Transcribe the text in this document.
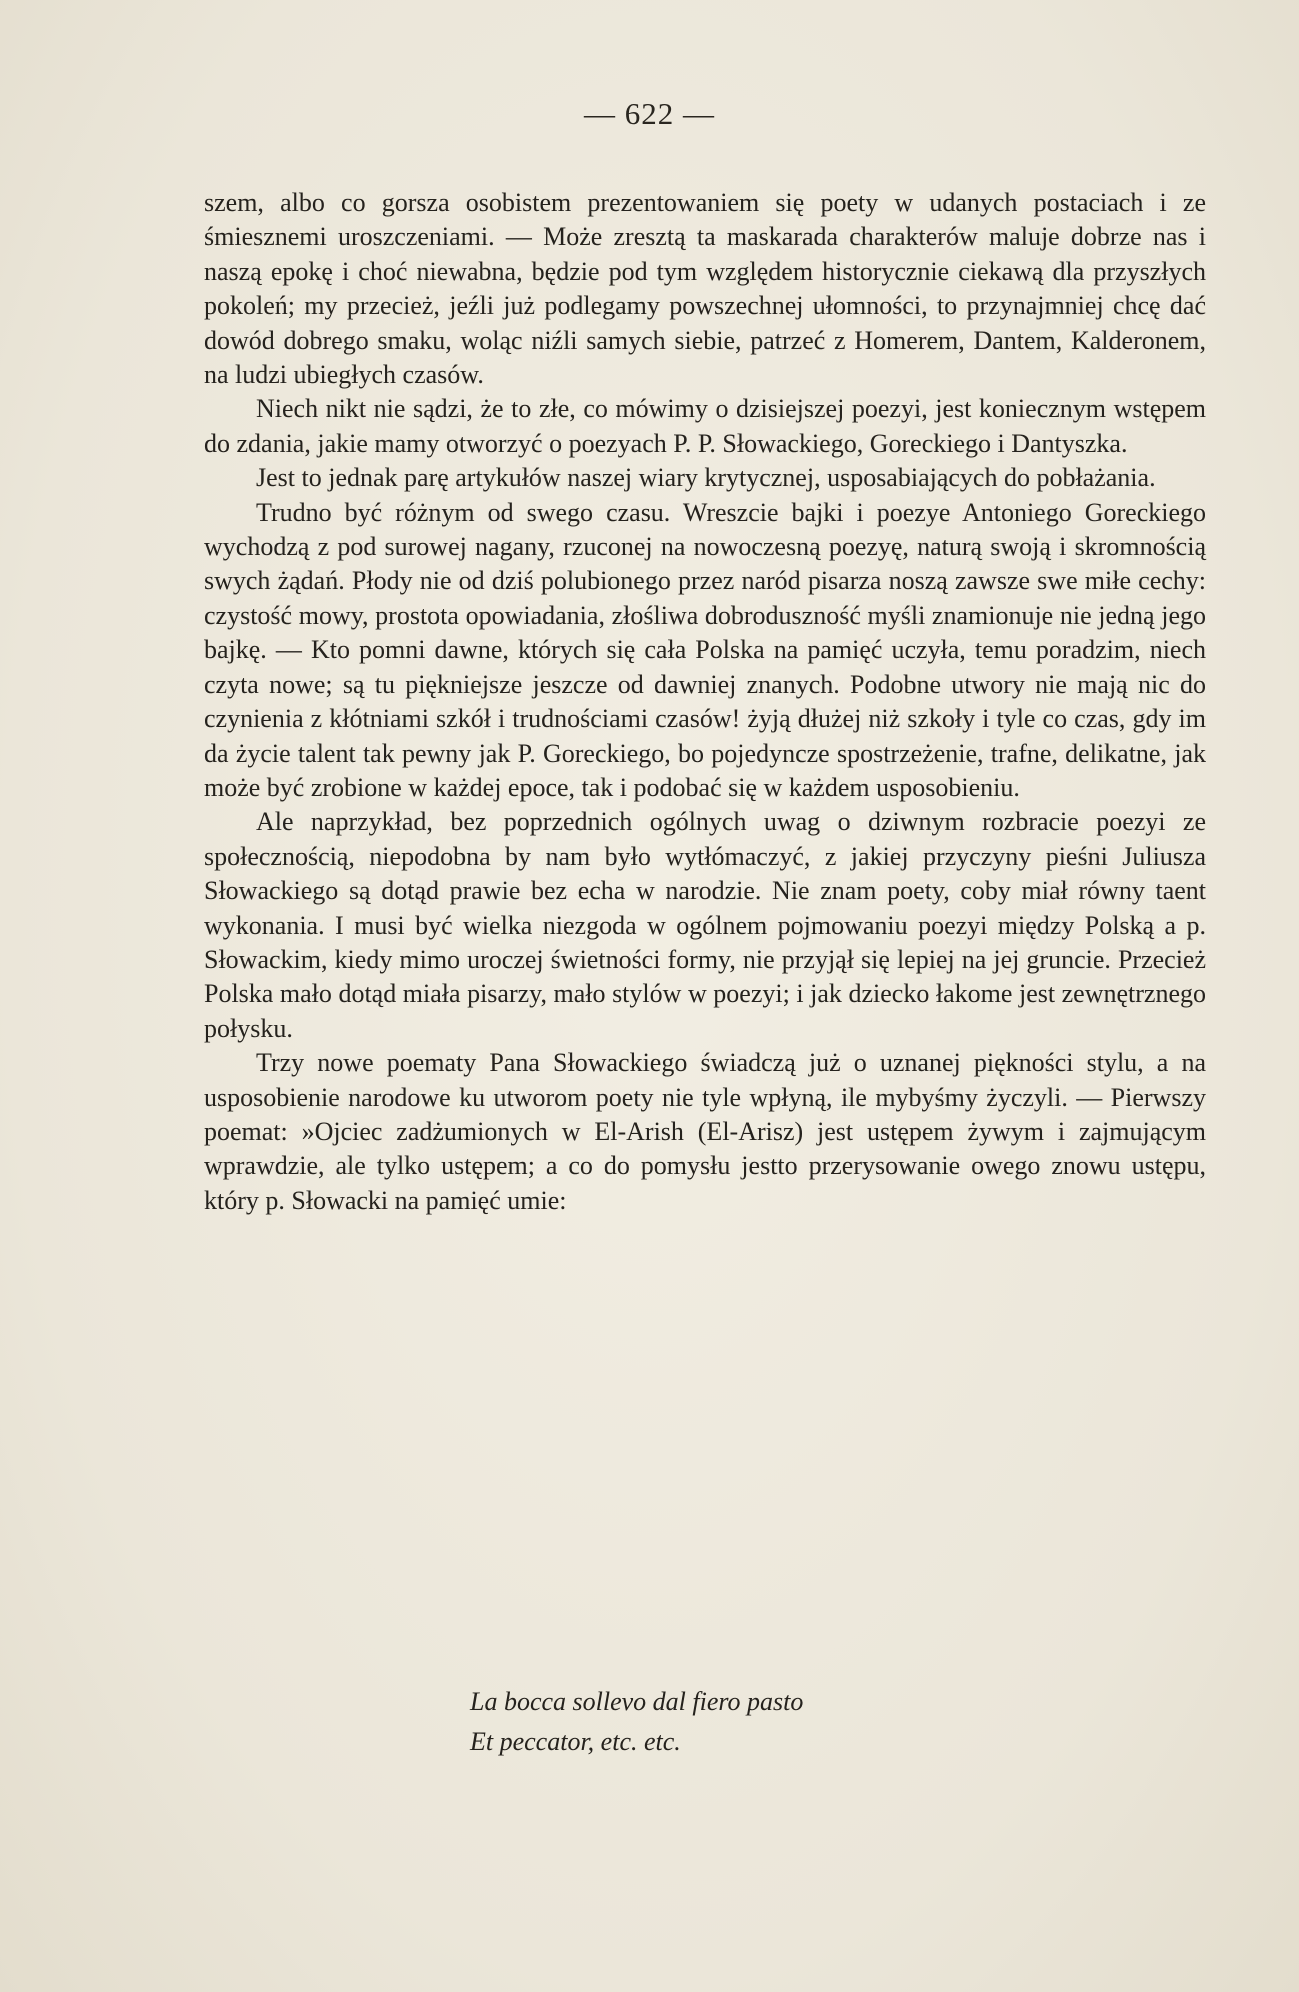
— 622 —

szem, albo co gorsza osobistem prezentowaniem się poety w udanych postaciach i ze śmiesznemi uroszczeniami. — Może zresztą ta maskarada charakterów maluje dobrze nas i naszą epokę i choć niewabna, będzie pod tym względem historycznie ciekawą dla przyszłych pokoleń; my przecież, jeźli już podlegamy powszechnej ułomności, to przynajmniej chcę dać dowód dobrego smaku, woląc niźli samych siebie, patrzeć z Homerem, Dantem, Kalderonem, na ludzi ubiegłych czasów.

Niech nikt nie sądzi, że to złe, co mówimy o dzisiejszej poezyi, jest koniecznym wstępem do zdania, jakie mamy otworzyć o poezyach P. P. Słowackiego, Goreckiego i Dantyszka.

Jest to jednak parę artykułów naszej wiary krytycznej, usposabiających do pobłażania.

Trudno być różnym od swego czasu. Wreszcie bajki i poezye Antoniego Goreckiego wychodzą z pod surowej nagany, rzuconej na nowoczesną poezyę, naturą swoją i skromnością swych żądań. Płody nie od dziś polubionego przez naród pisarza noszą zawsze swe miłe cechy: czystość mowy, prostota opowiadania, złośliwa dobroduszność myśli znamionuje nie jedną jego bajkę. — Kto pomni dawne, których się cała Polska na pamięć uczyła, temu poradzim, niech czyta nowe; są tu piękniejsze jeszcze od dawniej znanych. Podobne utwory nie mają nic do czynienia z kłótniami szkół i trudnościami czasów! żyją dłużej niż szkoły i tyle co czas, gdy im da życie talent tak pewny jak P. Goreckiego, bo pojedyncze spostrzeżenie, trafne, delikatne, jak może być zrobione w każdej epoce, tak i podobać się w każdem usposobieniu.

Ale naprzykład, bez poprzednich ogólnych uwag o dziwnym rozbracie poezyi ze społecznością, niepodobna by nam było wytłómaczyć, z jakiej przyczyny pieśni Juliusza Słowackiego są dotąd prawie bez echa w narodzie. Nie znam poety, coby miał równy taent wykonania. I musi być wielka niezgoda w ogólnem pojmowaniu poezyi między Polską a p. Słowackim, kiedy mimo uroczej świetności formy, nie przyjął się lepiej na jej gruncie. Przecież Polska mało dotąd miała pisarzy, mało stylów w poezyi; i jak dziecko łakome jest zewnętrznego połysku.

Trzy nowe poematy Pana Słowackiego świadczą już o uznanej piękności stylu, a na usposobienie narodowe ku utworom poety nie tyle wpłyną, ile mybyśmy życzyli. — Pierwszy poemat: »Ojciec zadżumionych w El-Arish (El-Arisz) jest ustępem żywym i zajmującym wprawdzie, ale tylko ustępem; a co do pomysłu jestto przerysowanie owego znowu ustępu, który p. Słowacki na pamięć umie:

La bocca sollevo dal fiero pasto
Et peccator, etc. etc.
